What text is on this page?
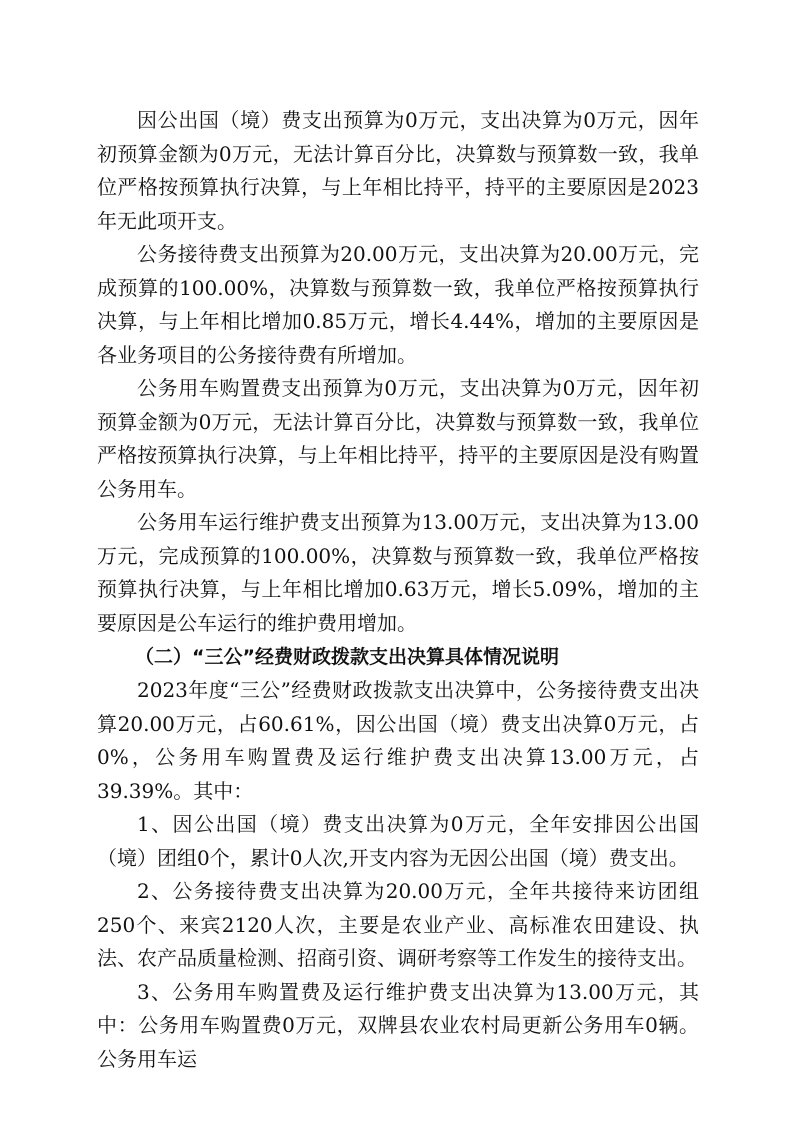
因公出国（境）费支出预算为0万元，支出决算为0万元，因年初预算金额为0万元，无法计算百分比，决算数与预算数一致，我单位严格按预算执行决算，与上年相比持平，持平的主要原因是2023年无此项开支。

公务接待费支出预算为20.00万元，支出决算为20.00万元，完成预算的100.00%，决算数与预算数一致，我单位严格按预算执行决算，与上年相比增加0.85万元，增长4.44%，增加的主要原因是各业务项目的公务接待费有所增加。

公务用车购置费支出预算为0万元，支出决算为0万元，因年初预算金额为0万元，无法计算百分比，决算数与预算数一致，我单位严格按预算执行决算，与上年相比持平，持平的主要原因是没有购置公务用车。

公务用车运行维护费支出预算为13.00万元，支出决算为13.00万元，完成预算的100.00%，决算数与预算数一致，我单位严格按预算执行决算，与上年相比增加0.63万元，增长5.09%，增加的主要原因是公车运行的维护费用增加。

（二）“三公”经费财政拨款支出决算具体情况说明

2023年度“三公”经费财政拨款支出决算中，公务接待费支出决算20.00万元，占60.61%，因公出国（境）费支出决算0万元，占0%，公务用车购置费及运行维护费支出决算13.00万元，占39.39%。其中：

1、因公出国（境）费支出决算为0万元，全年安排因公出国（境）团组0个，累计0人次,开支内容为无因公出国（境）费支出。

2、公务接待费支出决算为20.00万元，全年共接待来访团组250个、来宾2120人次，主要是农业产业、高标准农田建设、执法、农产品质量检测、招商引资、调研考察等工作发生的接待支出。

3、公务用车购置费及运行维护费支出决算为13.00万元，其中：公务用车购置费0万元，双牌县农业农村局更新公务用车0辆。公务用车运
